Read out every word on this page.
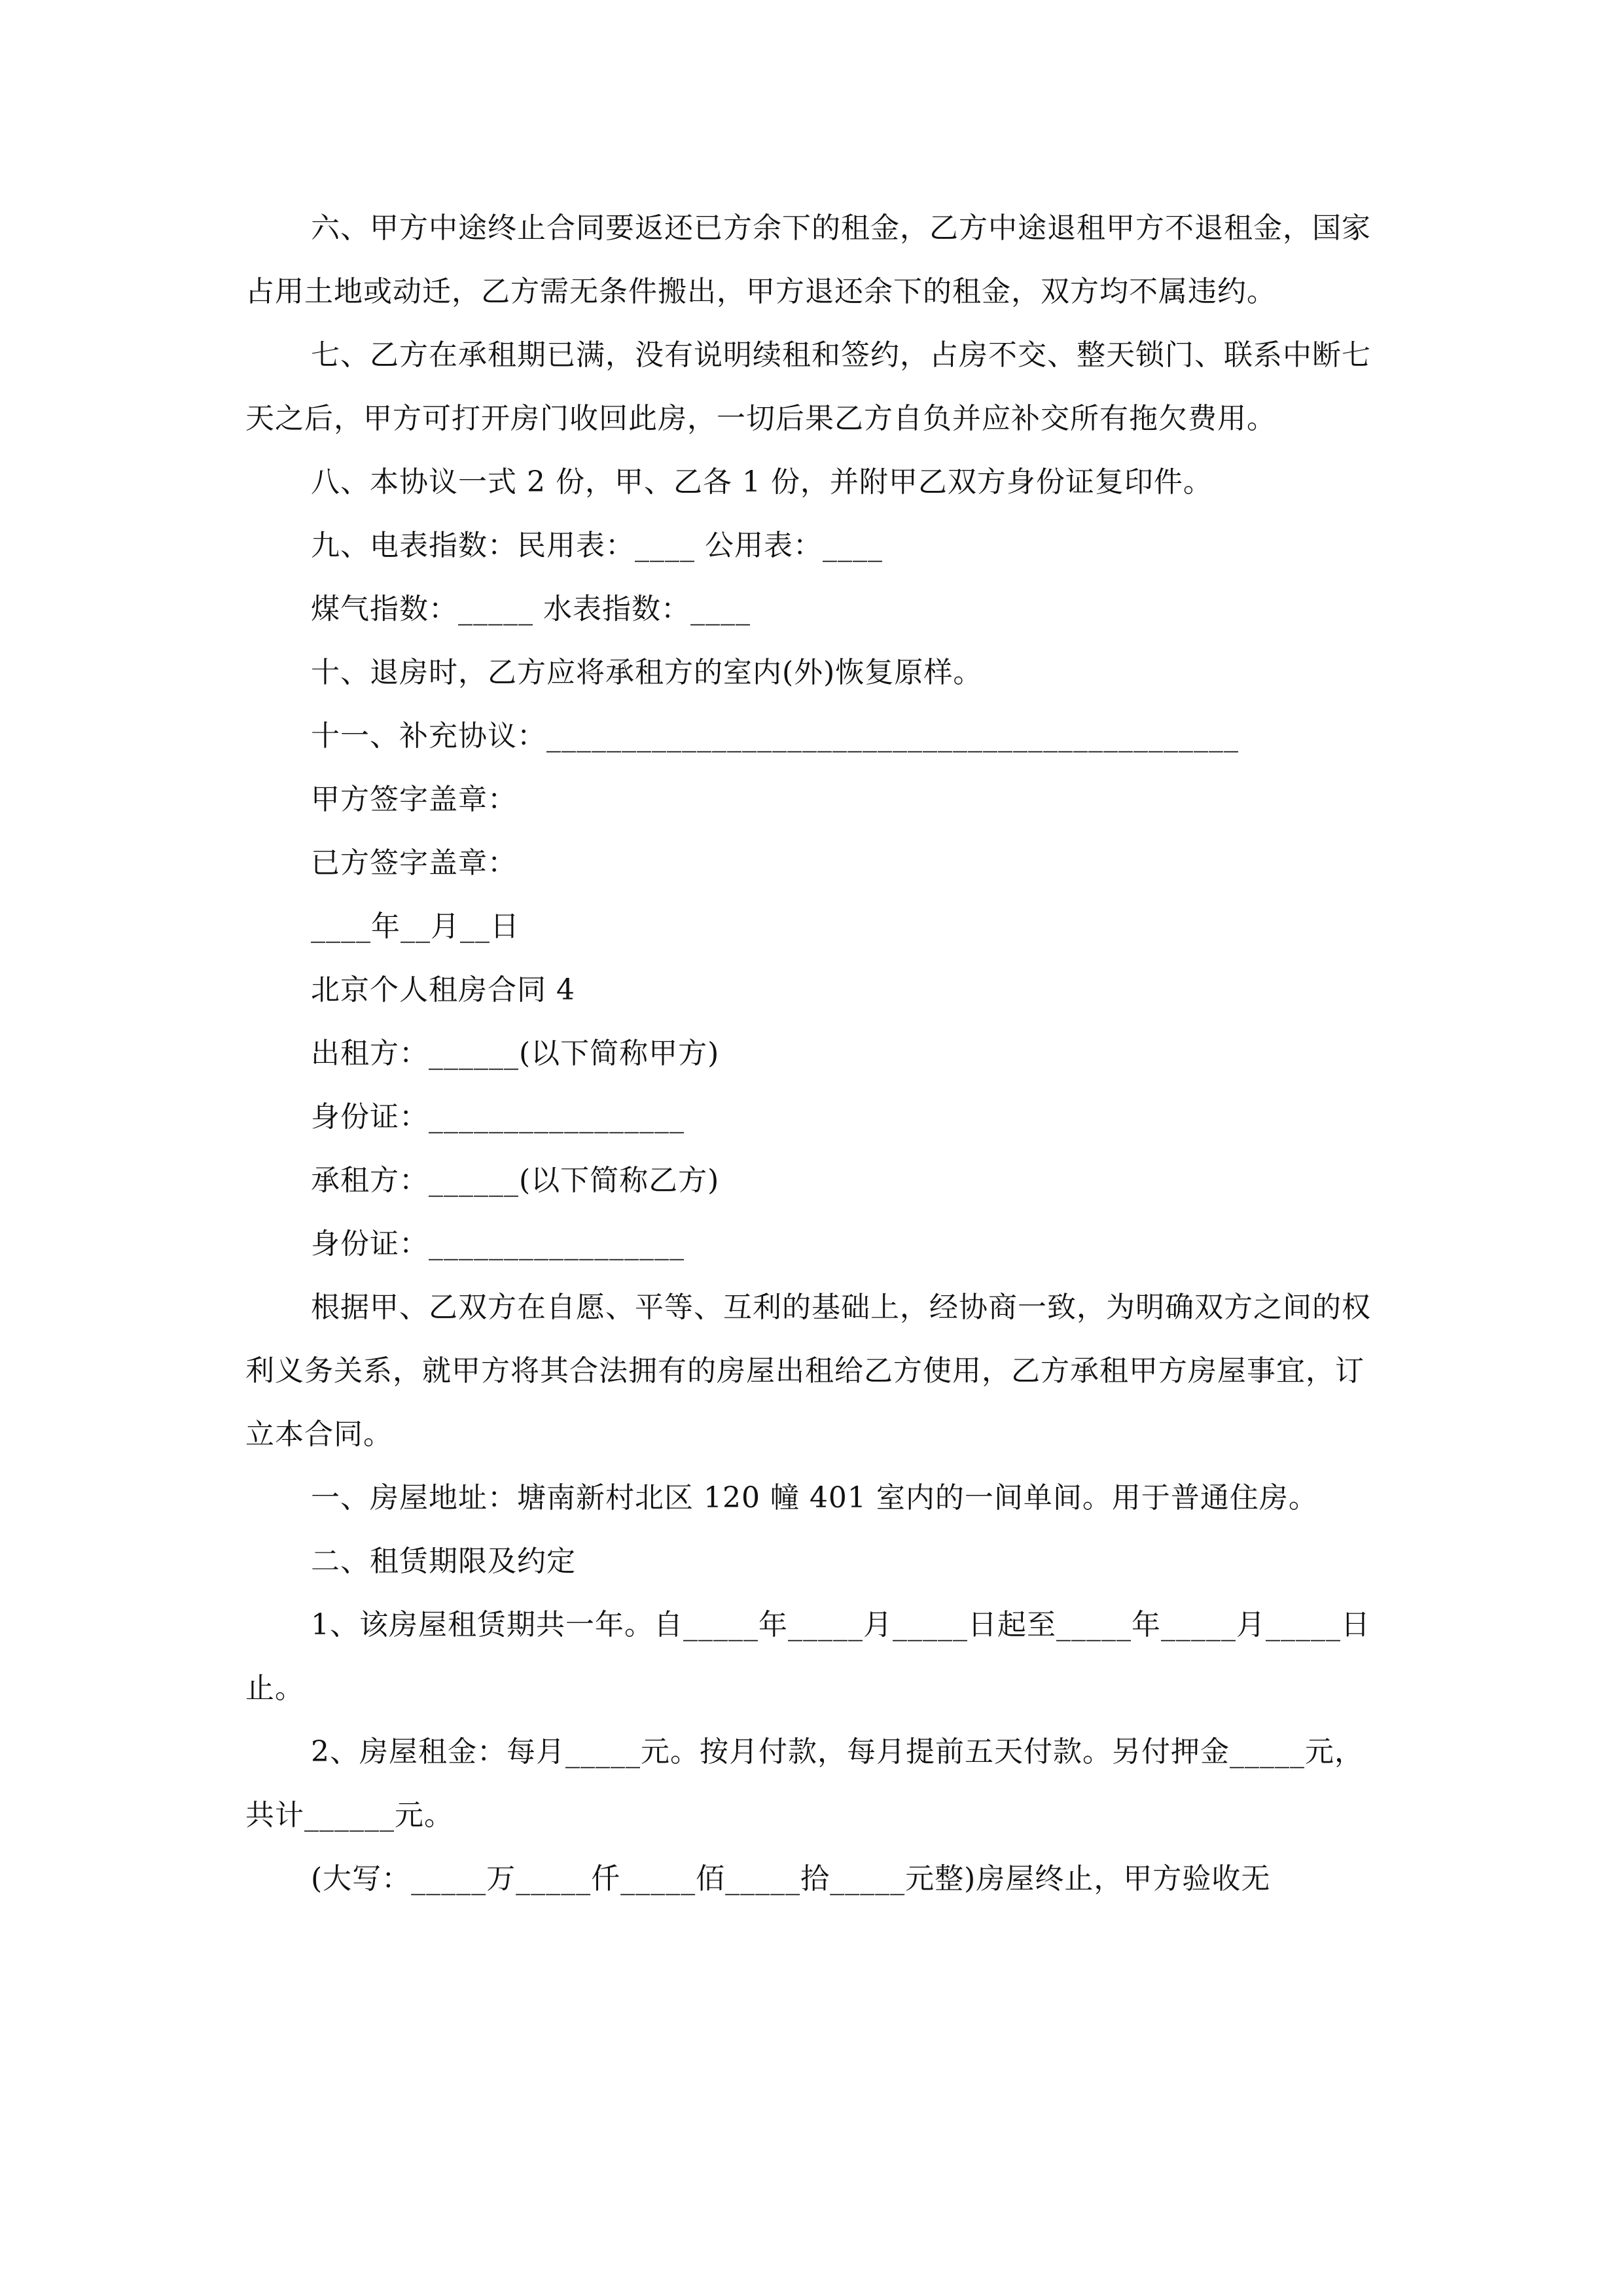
六、甲方中途终止合同要返还已方余下的租金，乙方中途退租甲方不退租金，国家占用土地或动迁，乙方需无条件搬出，甲方退还余下的租金，双方均不属违约。

七、乙方在承租期已满，没有说明续租和签约，占房不交、整天锁门、联系中断七天之后，甲方可打开房门收回此房，一切后果乙方自负并应补交所有拖欠费用。

八、本协议一式 2 份，甲、乙各 1 份，并附甲乙双方身份证复印件。

九、电表指数：民用表：____ 公用表：____

煤气指数：_____ 水表指数：____

十、退房时，乙方应将承租方的室内(外)恢复原样。

十一、补充协议：______________________________________________

甲方签字盖章：

已方签字盖章：

____年__月__日

北京个人租房合同 4

出租方：______(以下简称甲方)

身份证：_________________

承租方：______(以下简称乙方)

身份证：_________________

根据甲、乙双方在自愿、平等、互利的基础上，经协商一致，为明确双方之间的权利义务关系，就甲方将其合法拥有的房屋出租给乙方使用，乙方承租甲方房屋事宜，订立本合同。

一、房屋地址：塘南新村北区 120 幢 401 室内的一间单间。用于普通住房。

二、租赁期限及约定

1、该房屋租赁期共一年。自_____年_____月_____日起至_____年_____月_____日止。

2、房屋租金：每月_____元。按月付款，每月提前五天付款。另付押金_____元，共计______元。

(大写：_____万_____仟_____佰_____拾_____元整)房屋终止，甲方验收无
